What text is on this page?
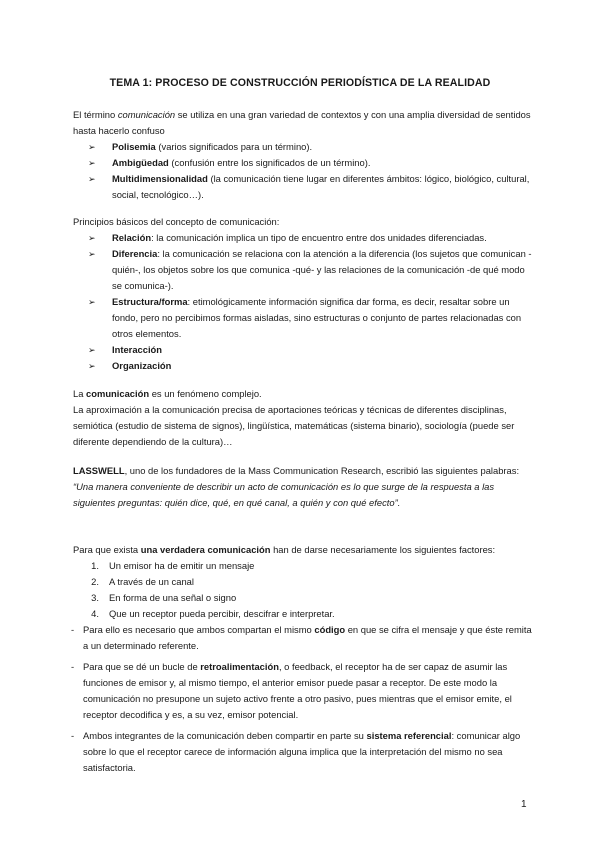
TEMA 1: PROCESO DE CONSTRUCCIÓN PERIODÍSTICA DE LA REALIDAD

El término comunicación se utiliza en una gran variedad de contextos y con una amplia diversidad de sentidos hasta hacerlo confuso

➢	Polisemia (varios significados para un término).
➢	Ambigüedad (confusión entre los significados de un término).
➢	Multidimensionalidad (la comunicación tiene lugar en diferentes ámbitos: lógico, biológico, cultural, social, tecnológico…).

Principios básicos del concepto de comunicación:

➢	Relación: la comunicación implica un tipo de encuentro entre dos unidades diferenciadas.
➢	Diferencia: la comunicación se relaciona con la atención a la diferencia (los sujetos que comunican -quién-, los objetos sobre los que comunica -qué- y las relaciones de la comunicación -de qué modo se comunica-).
➢	Estructura/forma: etimológicamente información significa dar forma, es decir, resaltar sobre un fondo, pero no percibimos formas aisladas, sino estructuras o conjunto de partes relacionadas con otros elementos.
➢	Interacción
➢	Organización

La comunicación es un fenómeno complejo.

La aproximación a la comunicación precisa de aportaciones teóricas y técnicas de diferentes disciplinas, semiótica (estudio de sistema de signos), lingüística, matemáticas (sistema binario), sociología (puede ser diferente dependiendo de la cultura)…

LASSWELL, uno de los fundadores de la Mass Communication Research, escribió las siguientes palabras:

“Una manera conveniente de describir un acto de comunicación es lo que surge de la respuesta a las siguientes preguntas: quién dice, qué, en qué canal, a quién y con qué efecto”.

Para que exista una verdadera comunicación han de darse necesariamente los siguientes factores:

1. Un emisor ha de emitir un mensaje
2. A través de un canal
3. En forma de una señal o signo
4. Que un receptor pueda percibir, descifrar e interpretar.
- Para ello es necesario que ambos compartan el mismo código en que se cifra el mensaje y que éste remita a un determinado referente.
- Para que se dé un bucle de retroalimentación, o feedback, el receptor ha de ser capaz de asumir las funciones de emisor y, al mismo tiempo, el anterior emisor puede pasar a receptor. De este modo la comunicación no presupone un sujeto activo frente a otro pasivo, pues mientras que el emisor emite, el receptor decodifica y es, a su vez, emisor potencial.
- Ambos integrantes de la comunicación deben compartir en parte su sistema referencial: comunicar algo sobre lo que el receptor carece de información alguna implica que la interpretación del mismo no sea satisfactoria.
1
